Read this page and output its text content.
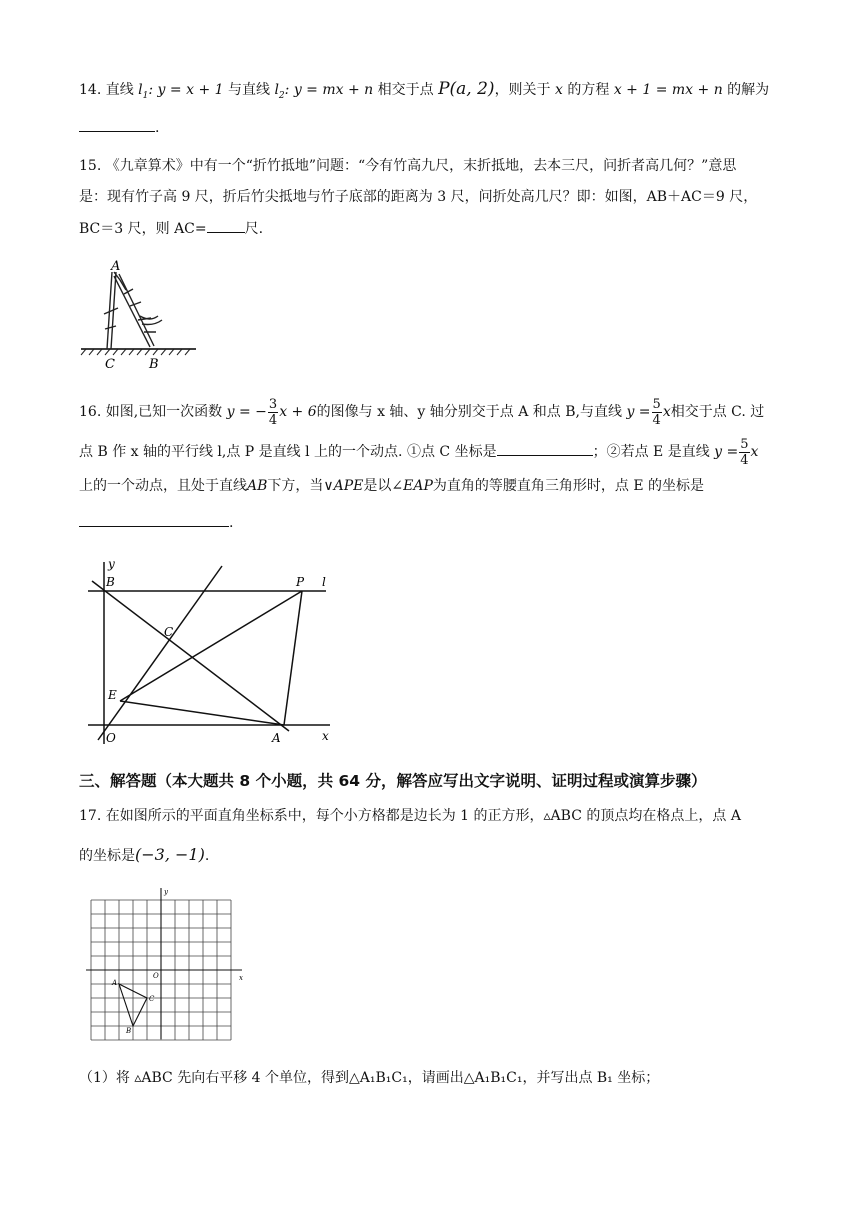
14. 直线 $l_1$: y = x + 1 与直线 $l_2$: y = mx + n 相交于点 P(a, 2)，则关于 x 的方程 x + 1 = mx + n 的解为
.
15. 《九章算术》中有一个“折竹抵地”问题：“今有竹高九尺，末折抵地，去本三尺，问折者高几何？”意思
是：现有竹子高 9 尺，折后竹尖抵地与竹子底部的距离为 3 尺，问折处高几尺？即：如图，AB＋AC＝9 尺，
BC＝3 尺，则 AC=	尺.
A
C	B
16. 如图,已知一次函数 y = − $\frac{3}{4}$ x + 6的图像与 x 轴、y 轴分别交于点 A 和点 B,与直线 $y = \frac{5}{4}$ x相交于点 C. 过
点 B 作 x 轴的平行线 l,点 P 是直线 l 上的一个动点. ①点 C 坐标是	；②若点 E 是直线 $y = \frac{5}{4}$ x
上的一个动点，且处于直线AB下方，当∨APE是以∠EAP为直角的等腰直角三角形时，点 E 的坐标是
.
y
B	P l
C
E
O	A	x
三、解答题（本大题共 8 个小题，共 64 分，解答应写出文字说明、证明过程或演算步骤）
17. 在如图所示的平面直角坐标系中，每个小方格都是边长为 1 的正方形，▵ABC 的顶点均在格点上，点 A
的坐标是(−3, −1).
y
x
O
A
B
C
（1）将 ▵ABC 先向右平移 4 个单位，得到△A₁B₁C₁，请画出△A₁B₁C₁，并写出点 B₁ 坐标；
